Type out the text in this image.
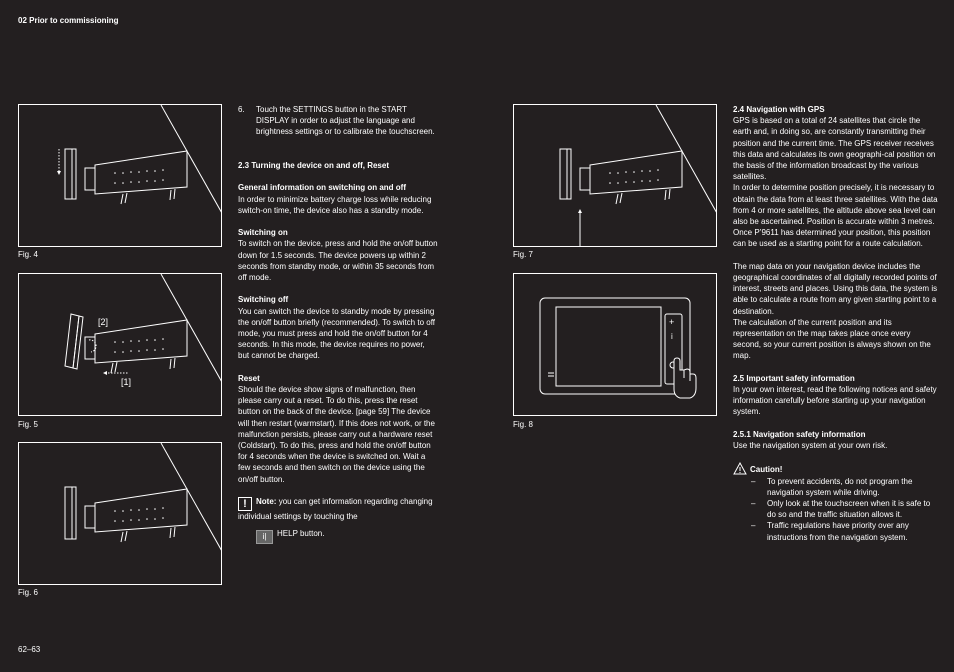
02 Prior to commissioning
62–63
Fig. 4
[2]
[1]
Fig. 5
Fig. 6
Fig. 7
+
i
Fig. 8
6.	Touch the SETTINGS button in the START DISPLAY in order to adjust the language and brightness settings or to calibrate the touchscreen.

2.3 Turning the device on and off, Reset

General information on switching on and off

In order to minimize battery charge loss while reducing switch-on time, the device also has a standby mode.

Switching on

To switch on the device, press and hold the on/off button down for 1.5 seconds. The device powers up within 2 seconds from standby mode, or within 35 seconds from off mode.

Switching off

You can switch the device to standby mode by pressing the on/off button briefly (recommended). To switch to off mode, you must press and hold the on/off button for 4 seconds. In this mode, the device requires no power, but cannot be charged.

Reset

Should the device show signs of malfunction, then please carry out a reset. To do this, press the reset button on the back of the device. [page 59] The device will then restart (warmstart). If this does not work, or the malfunction persists, please carry out a hardware reset (Coldstart). To do this, press and hold the on/off button for 4 seconds when the device is switched on. Wait a few seconds and then switch on the device using the on/off button.

! Note: you can get information regarding changing individual settings by touching the

i| HELP button.

2.4 Navigation with GPS

GPS is based on a total of 24 satellites that circle the earth and, in doing so, are constantly transmitting their position and the current time. The GPS receiver receives this data and calculates its own geographi-cal position on the basis of the information broadcast by the various satellites.

In order to determine position precisely, it is necessary to obtain the data from at least three satellites. With the data from 4 or more satellites, the altitude above sea level can also be ascertained. Position is accurate within 3 metres.

Once P’9611 has determined your position, this position can be used as a starting point for a route calculation.

The map data on your navigation device includes the geographical coordinates of all digitally recorded points of interest, streets and places. Using this data, the system is able to calculate a route from any given starting point to a destination.

The calculation of the current position and its representation on the map takes place once every second, so your current position is always shown on the map.

2.5 Important safety information

In your own interest, read the following notices and safety information carefully before starting up your navigation system.

2.5.1 Navigation safety information

Use the navigation system at your own risk.

Caution!

–	To prevent accidents, do not program the navigation system while driving.
–	Only look at the touchscreen when it is safe to do so and the traffic situation allows it.
–	Traffic regulations have priority over any instructions from the navigation system.
